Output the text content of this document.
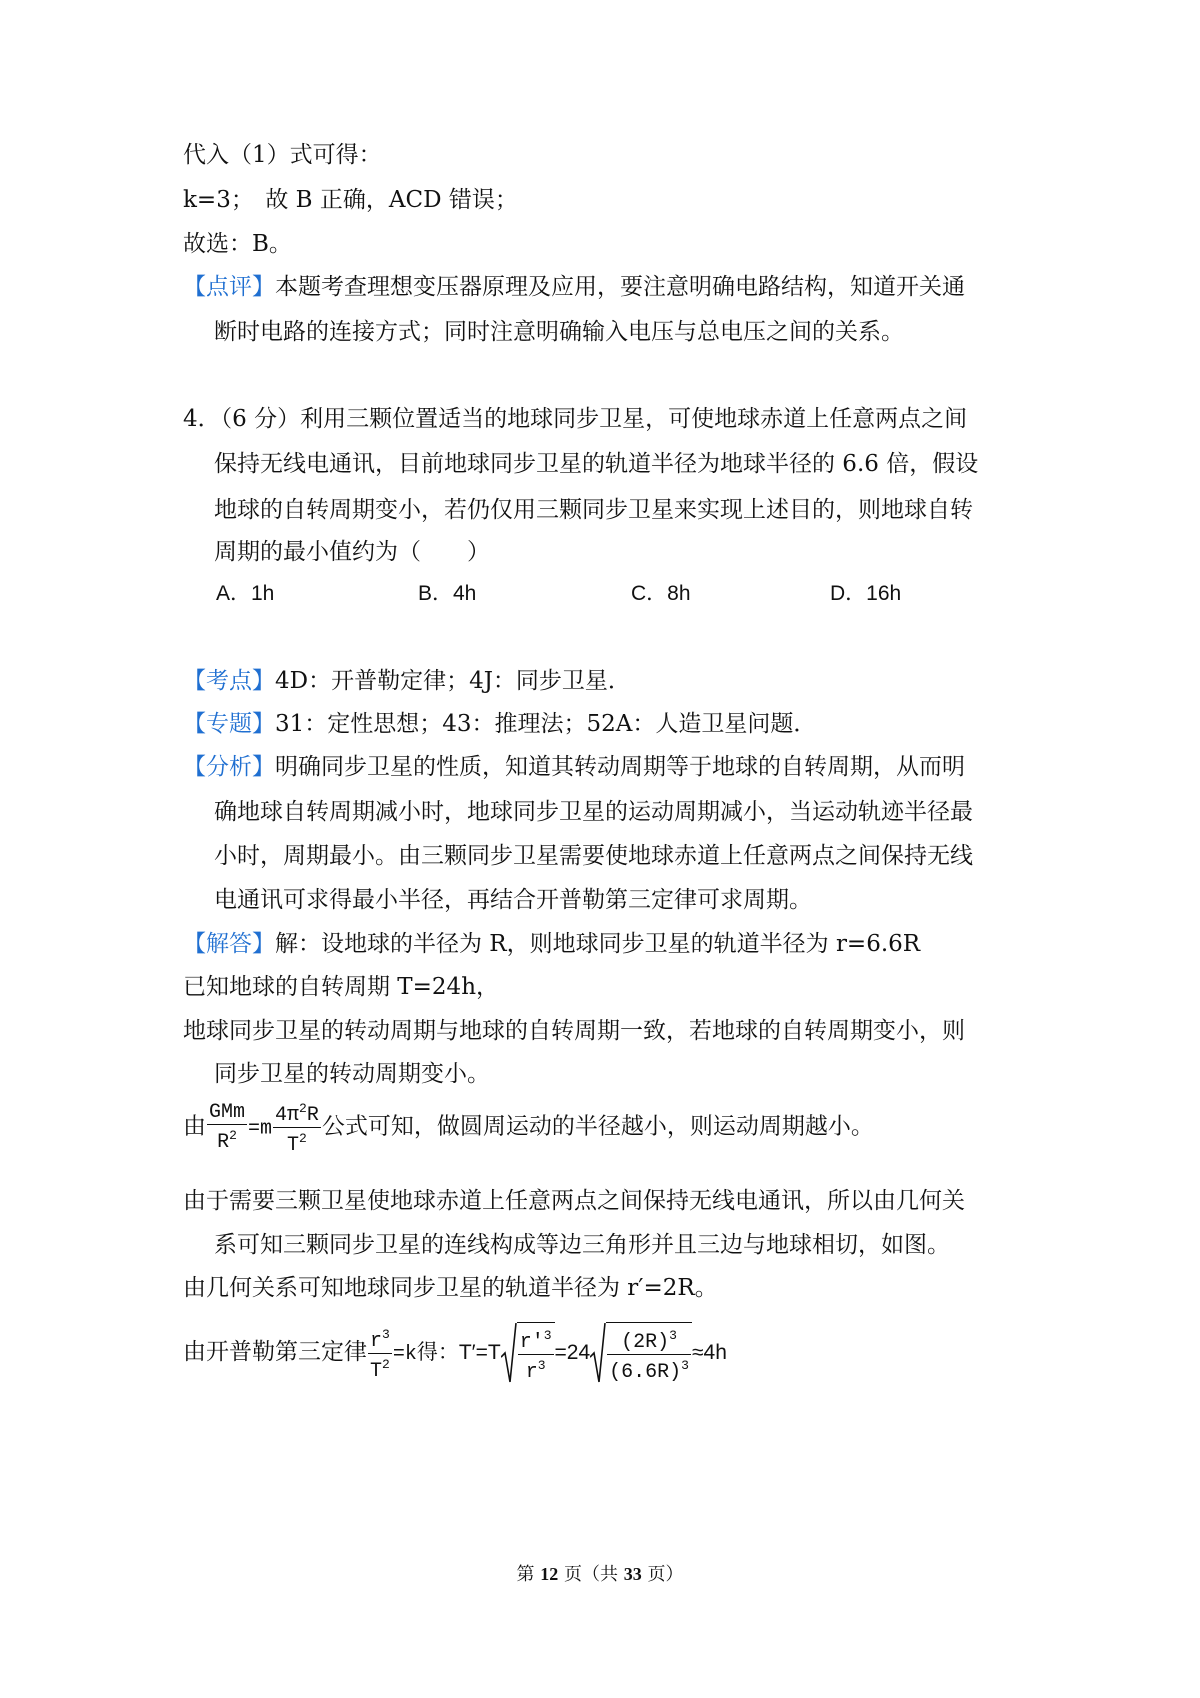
代入（1）式可得：
k=3；　故 B 正确，ACD 错误；
故选：B。
【点评】本题考查理想变压器原理及应用，要注意明确电路结构，知道开关通
断时电路的连接方式；同时注意明确输入电压与总电压之间的关系。
4．（6 分）利用三颗位置适当的地球同步卫星，可使地球赤道上任意两点之间
保持无线电通讯，目前地球同步卫星的轨道半径为地球半径的 6.6 倍，假设
地球的自转周期变小，若仍仅用三颗同步卫星来实现上述目的，则地球自转
周期的最小值约为（　　）
A．1h	B．4h	C．8h	D．16h
【考点】4D：开普勒定律；4J：同步卫星．
【专题】31：定性思想；43：推理法；52A：人造卫星问题．
【分析】明确同步卫星的性质，知道其转动周期等于地球的自转周期，从而明
确地球自转周期减小时，地球同步卫星的运动周期减小，当运动轨迹半径最
小时，周期最小。由三颗同步卫星需要使地球赤道上任意两点之间保持无线
电通讯可求得最小半径，再结合开普勒第三定律可求周期。
【解答】解：设地球的半径为 R，则地球同步卫星的轨道半径为 r=6.6R
已知地球的自转周期 T=24h，
地球同步卫星的转动周期与地球的自转周期一致，若地球的自转周期变小，则
同步卫星的转动周期变小。
由 $\frac{\text{GMm}}{R^2} =m \frac{4\pi^2R}{T^2}$ 公式可知，做圆周运动的半径越小，则运动周期越小。
由于需要三颗卫星使地球赤道上任意两点之间保持无线电通讯，所以由几何关
系可知三颗同步卫星的连线构成等边三角形并且三边与地球相切，如图。
由几何关系可知地球同步卫星的轨道半径为 r′=2R。
由开普勒第三定律 $\frac{r^3}{T^2} =k$得：$T'=T \frac{r'^3}{r^3} =24 \frac{(2R)^3}{(6.6R)^3} \approx 4h$
第 12 页（共 33 页）
